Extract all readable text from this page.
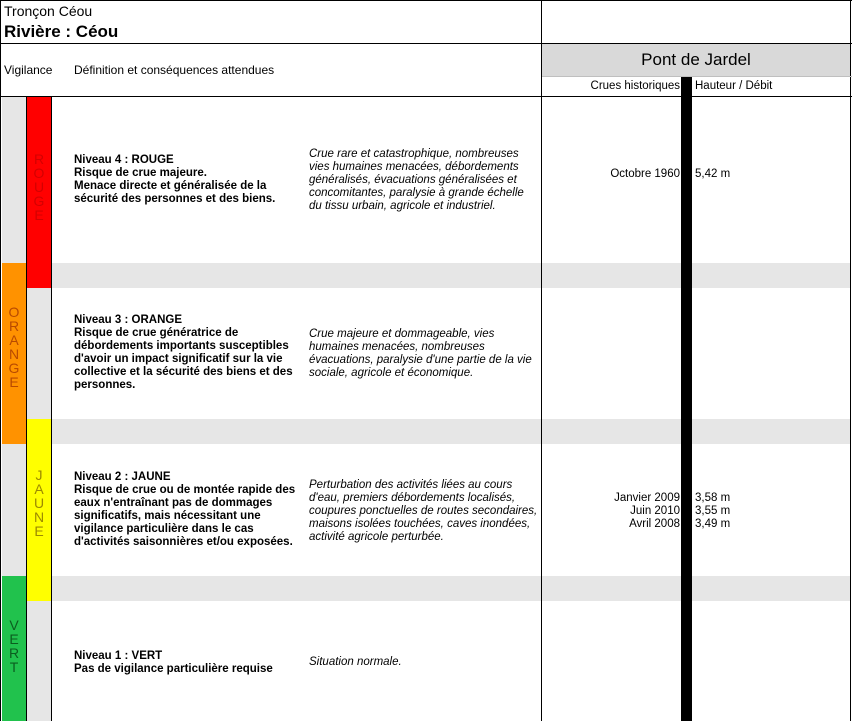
Tronçon Céou
Rivière : Céou
Pont de Jardel
Vigilance Définition et conséquences attendues
Crues historiques Hauteur / Débit
R
O
U
G
E
O
R
A
N
G
E
J
A
U
N
E
V
E
R
T
Niveau 4 : ROUGE
Risque de crue majeure.
Menace directe et généralisée de la
sécurité des personnes et des biens.
Niveau 3 : ORANGE
Risque de crue génératrice de
débordements importants susceptibles
d'avoir un impact significatif sur la vie
collective et la sécurité des biens et des
personnes.
Niveau 2 : JAUNE
Risque de crue ou de montée rapide des
eaux n'entraînant pas de dommages
significatifs, mais nécessitant une
vigilance particulière dans le cas
d'activités saisonnières et/ou exposées.
Niveau 1 : VERT
Pas de vigilance particulière requise
Crue rare et catastrophique, nombreuses
vies humaines menacées, débordements
généralisés, évacuations généralisées et
concomitantes, paralysie à grande échelle
du tissu urbain, agricole et industriel.
Crue majeure et dommageable, vies
humaines menacées, nombreuses
évacuations, paralysie d'une partie de la vie
sociale, agricole et économique.
Perturbation des activités liées au cours
d'eau, premiers débordements localisés,
coupures ponctuelles de routes secondaires,
maisons isolées touchées, caves inondées,
activité agricole perturbée.
Situation normale.
Octobre 1960 5,42 m
Janvier 2009 3,58 m
Juin 2010 3,55 m
Avril 2008 3,49 m
